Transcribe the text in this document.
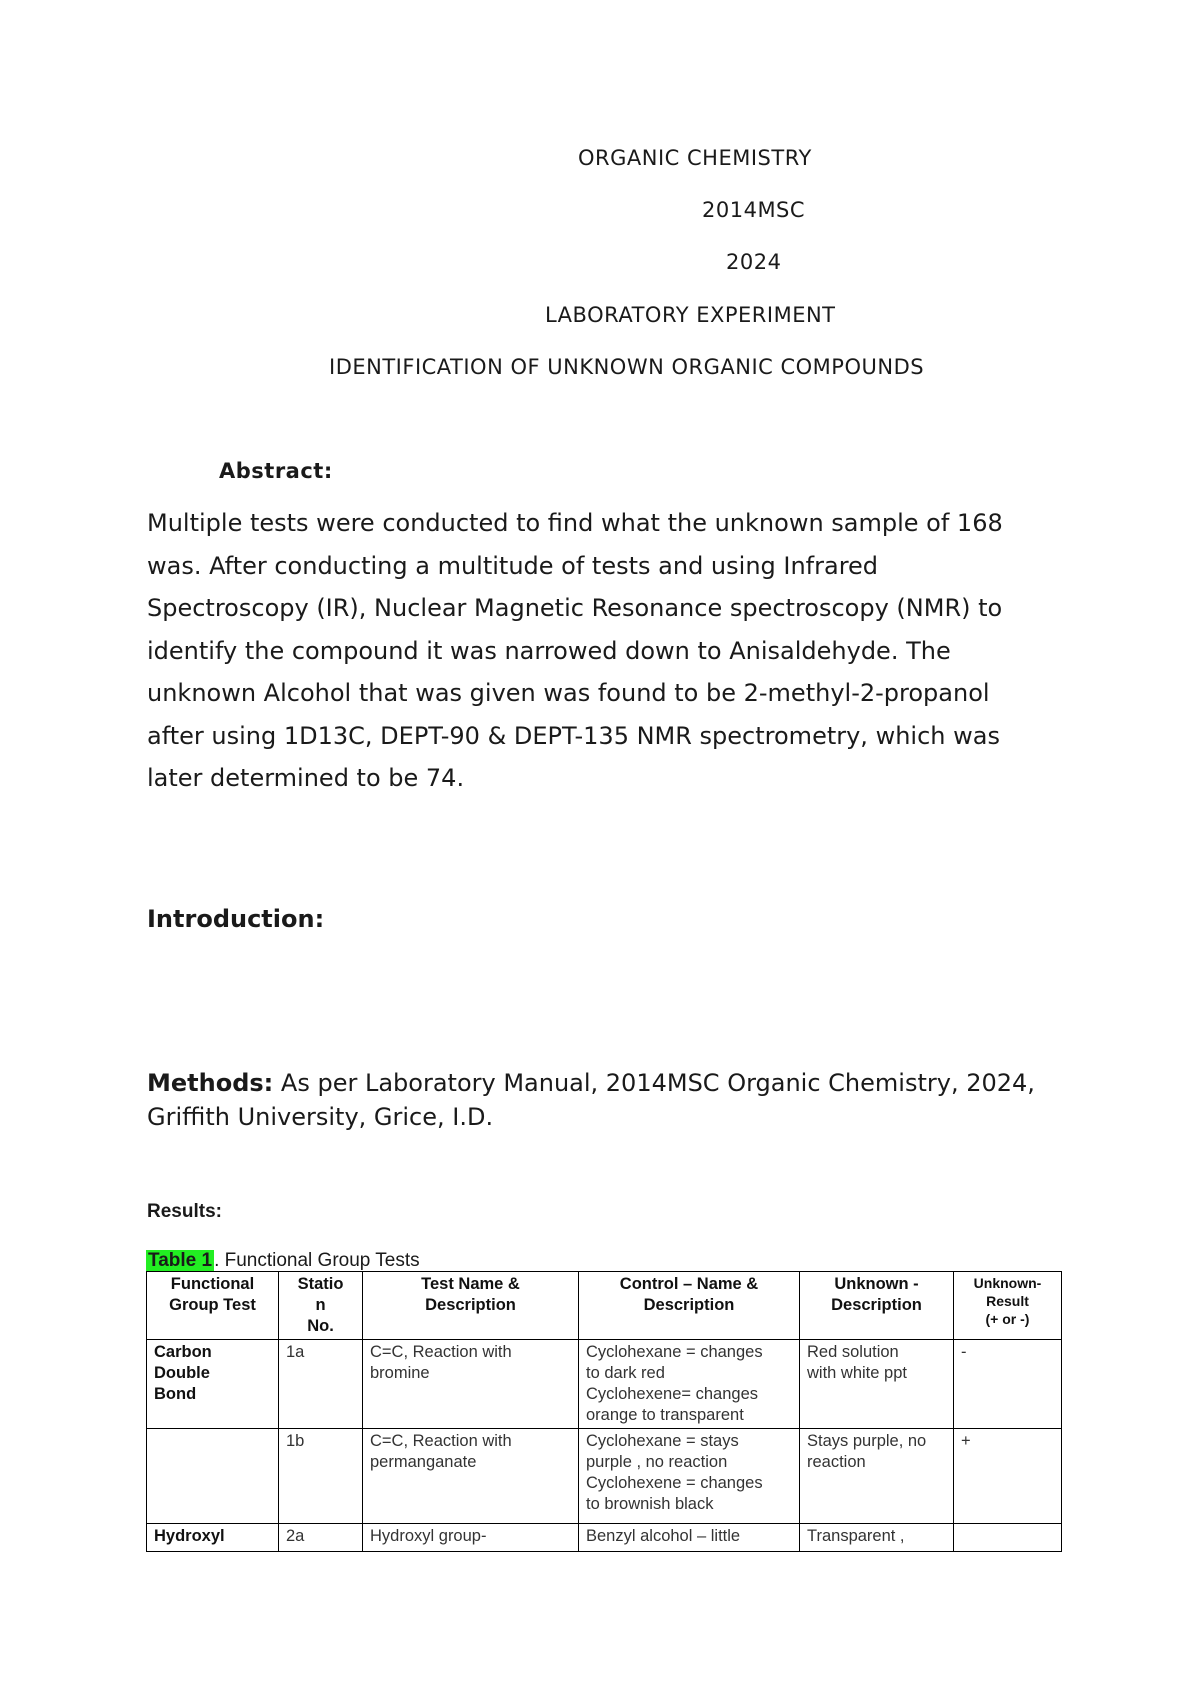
ORGANIC CHEMISTRY
2014MSC
2024
LABORATORY EXPERIMENT
IDENTIFICATION OF UNKNOWN ORGANIC COMPOUNDS
Abstract:
Multiple tests were conducted to find what the unknown sample of 168
was. After conducting a multitude of tests and using Infrared
Spectroscopy (IR), Nuclear Magnetic Resonance spectroscopy (NMR) to
identify the compound it was narrowed down to Anisaldehyde. The
unknown Alcohol that was given was found to be 2-methyl-2-propanol
after using 1D13C, DEPT-90 & DEPT-135 NMR spectrometry, which was
later determined to be 74.
Introduction:
Methods: As per Laboratory Manual, 2014MSC Organic Chemistry, 2024, Griffith University, Grice, I.D.
Results:
Table 1 . Functional Group Tests
Functional
Group Test	Statio
n
No.	Test Name &
Description	Control – Name &
Description	Unknown -
Description	Unknown-
Result
(+ or -)

Carbon
Double
Bond	1a	C=C, Reaction with
bromine	Cyclohexane = changes
to dark red
Cyclohexene= changes
orange to transparent	Red solution
with white ppt	-
	1b	C=C, Reaction with
permanganate	Cyclohexane = stays
purple , no reaction
Cyclohexene = changes
to brownish black	Stays purple, no
reaction	+
Hydroxyl	2a	Hydroxyl group-	Benzyl alcohol – little	Transparent ,	
